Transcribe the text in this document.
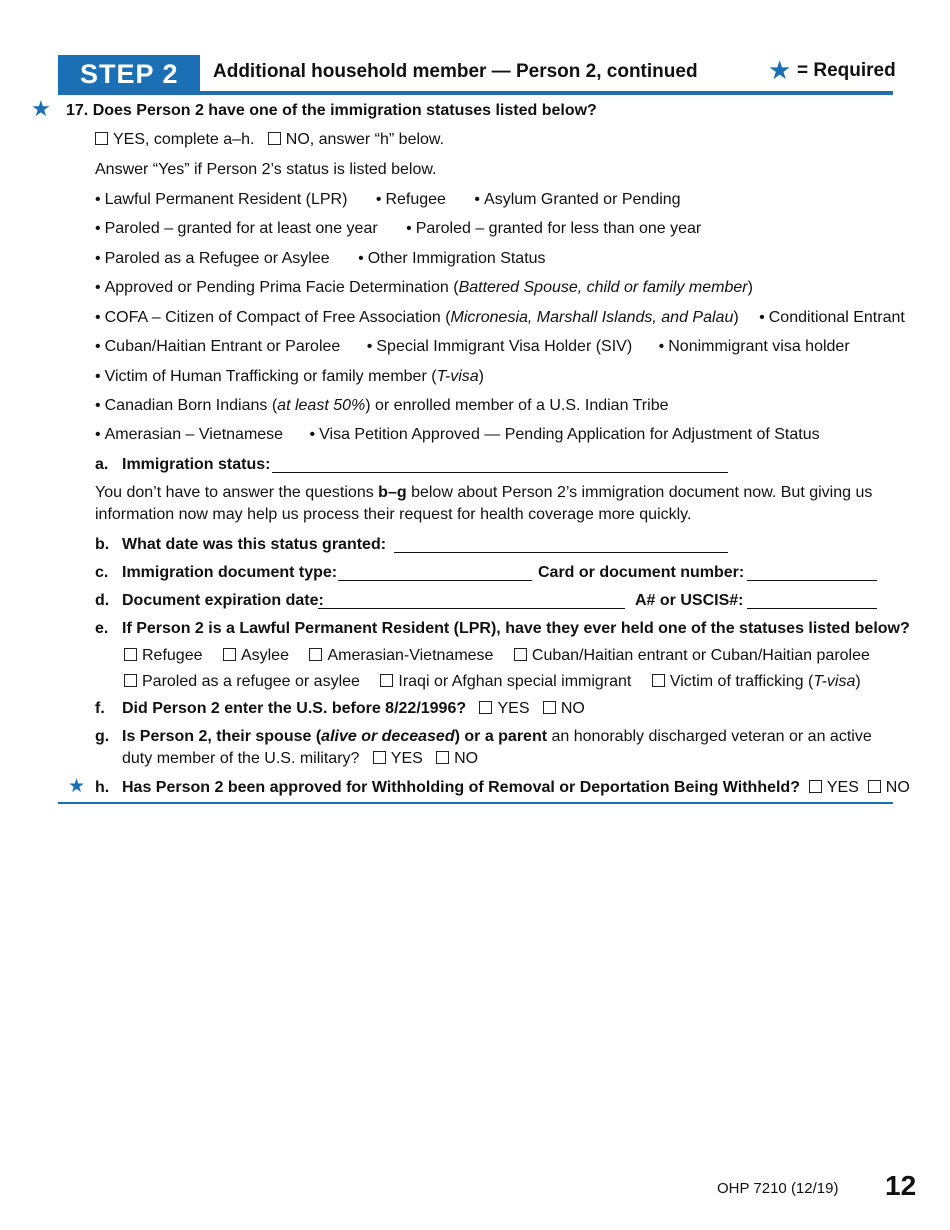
STEP 2 Additional household member — Person 2, continued	★ = Required
★ 17. Does Person 2 have one of the immigration statuses listed below?
YES, complete a–h. NO, answer “h” below.
Answer “Yes” if Person 2’s status is listed below.
• Lawful Permanent Resident (LPR) • Refugee • Asylum Granted or Pending
• Paroled – granted for at least one year • Paroled – granted for less than one year
• Paroled as a Refugee or Asylee • Other Immigration Status
• Approved or Pending Prima Facie Determination (Battered Spouse, child or family member)
• COFA – Citizen of Compact of Free Association (Micronesia, Marshall Islands, and Palau) • Conditional Entrant
• Cuban/Haitian Entrant or Parolee • Special Immigrant Visa Holder (SIV) • Nonimmigrant visa holder
• Victim of Human Trafficking or family member (T-visa)
• Canadian Born Indians (at least 50%) or enrolled member of a U.S. Indian Tribe
• Amerasian – Vietnamese • Visa Petition Approved — Pending Application for Adjustment of Status
a. Immigration status:
You don’t have to answer the questions b–g below about Person 2’s immigration document now. But giving us
information now may help us process their request for health coverage more quickly.
b. What date was this status granted:
c. Immigration document type:	Card or document number:
d. Document expiration date:	A# or USCIS#:
e. If Person 2 is a Lawful Permanent Resident (LPR), have they ever held one of the statuses listed below?
Refugee Asylee Amerasian-Vietnamese Cuban/Haitian entrant or Cuban/Haitian parolee
Paroled as a refugee or asylee Iraqi or Afghan special immigrant Victim of trafficking (T-visa)
f. Did Person 2 enter the U.S. before 8/22/1996? YES NO
g. Is Person 2, their spouse (alive or deceased) or a parent an honorably discharged veteran or an active
duty member of the U.S. military? YES NO
★ h. Has Person 2 been approved for Withholding of Removal or Deportation Being Withheld? YES NO
OHP 7210 (12/19) 12
